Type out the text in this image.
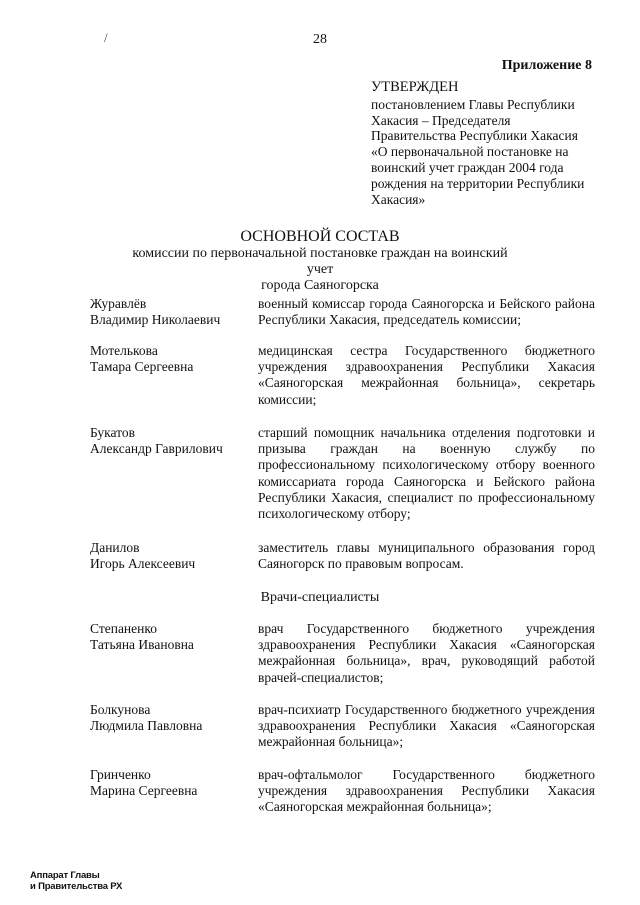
/	28
Приложение 8
УТВЕРЖДЕН
постановлением Главы Республики
Хакасия – Председателя
Правительства Республики Хакасия
«О первоначальной постановке на
воинский учет граждан 2004 года
рождения на территории Республики
Хакасия»
ОСНОВНОЙ СОСТАВ
комиссии по первоначальной постановке граждан на воинский учет
города Саяногорска
Журавлёв
Владимир Николаевич
военный комиссар города Саяногорска и Бейского района Республики Хакасия, председатель комиссии;
Мотелькова
Тамара Сергеевна
медицинская сестра Государственного бюджетного учреждения здравоохранения Республики Хакасия «Саяногорская межрайонная больница», секретарь комиссии;
Букатов
Александр Гаврилович
старший помощник начальника отделения подготовки и призыва граждан на военную службу по профессиональному психологическому отбору военного комиссариата города Саяногорска и Бейского района Республики Хакасия, специалист по профессиональному психологическому отбору;
Данилов
Игорь Алексеевич
заместитель главы муниципального образования город Саяногорск по правовым вопросам.
Врачи-специалисты
Степаненко
Татьяна Ивановна
врач Государственного бюджетного учреждения здравоохранения Республики Хакасия «Саяногорская межрайонная больница», врач, руководящий работой врачей-специалистов;
Болкунова
Людмила Павловна
врач-психиатр Государственного бюджетного учреждения здравоохранения Республики Хакасия «Саяногорская межрайонная больница»;
Гринченко
Марина Сергеевна
врач-офтальмолог Государственного бюджетного учреждения здравоохранения Республики Хакасия «Саяногорская межрайонная больница»;
Аппарат Главы
и Правительства РХ
